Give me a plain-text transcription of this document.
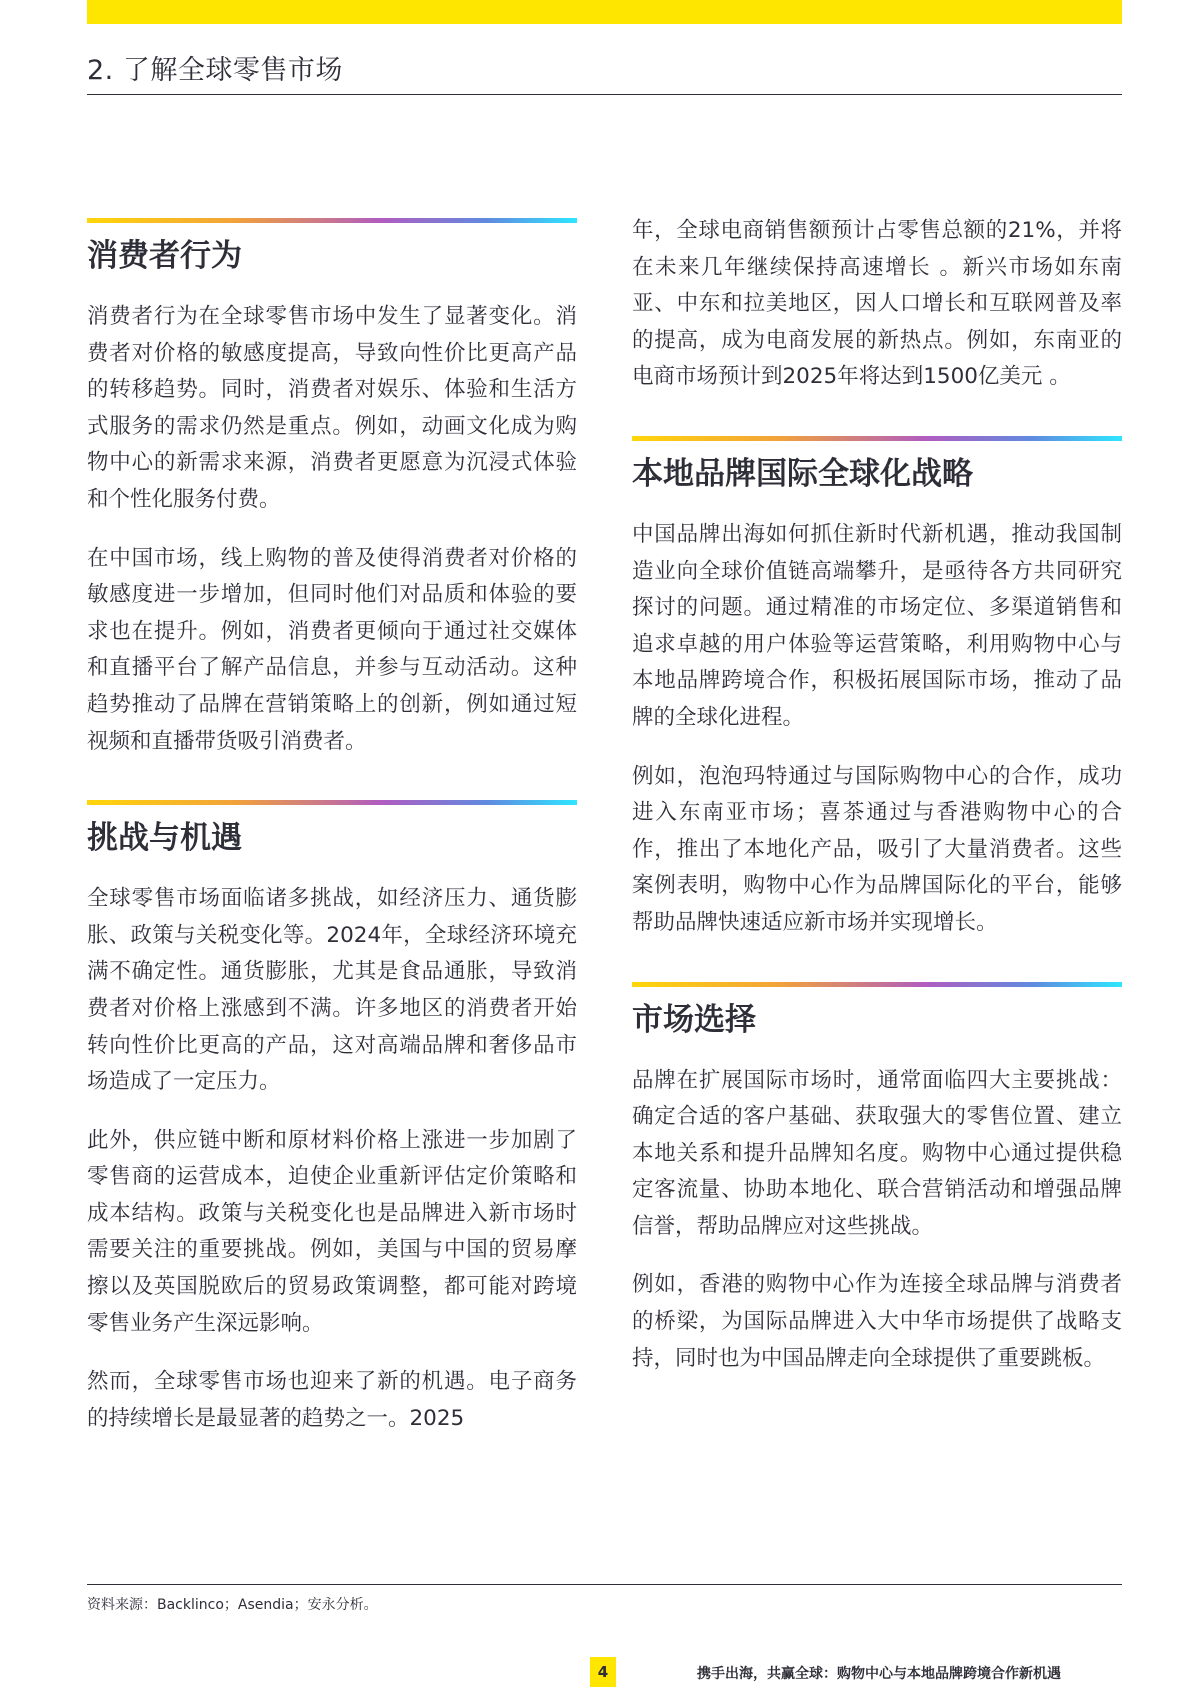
2. 了解全球零售市场
消费者行为

消费者行为在全球零售市场中发生了显著变化。消费者对价格的敏感度提高，导致向性价比更高产品的转移趋势。同时，消费者对娱乐、体验和生活方式服务的需求仍然是重点。例如，动画文化成为购物中心的新需求来源，消费者更愿意为沉浸式体验和个性化服务付费。

在中国市场，线上购物的普及使得消费者对价格的敏感度进一步增加，但同时他们对品质和体验的要求也在提升。例如，消费者更倾向于通过社交媒体和直播平台了解产品信息，并参与互动活动。这种趋势推动了品牌在营销策略上的创新，例如通过短视频和直播带货吸引消费者。

挑战与机遇

全球零售市场面临诸多挑战，如经济压力、通货膨胀、政策与关税变化等。2024年，全球经济环境充满不确定性。通货膨胀，尤其是食品通胀，导致消费者对价格上涨感到不满。许多地区的消费者开始转向性价比更高的产品，这对高端品牌和奢侈品市场造成了一定压力。

此外，供应链中断和原材料价格上涨进一步加剧了零售商的运营成本，迫使企业重新评估定价策略和成本结构。政策与关税变化也是品牌进入新市场时需要关注的重要挑战。例如，美国与中国的贸易摩擦以及英国脱欧后的贸易政策调整，都可能对跨境零售业务产生深远影响。

然而，全球零售市场也迎来了新的机遇。电子商务的持续增长是最显著的趋势之一。2025

年，全球电商销售额预计占零售总额的21%，并将在未来几年继续保持高速增长 。新兴市场如东南亚、中东和拉美地区，因人口增长和互联网普及率的提高，成为电商发展的新热点。例如，东南亚的电商市场预计到2025年将达到1500亿美元 。

本地品牌国际全球化战略

中国品牌出海如何抓住新时代新机遇，推动我国制造业向全球价值链高端攀升，是亟待各方共同研究探讨的问题。通过精准的市场定位、多渠道销售和追求卓越的用户体验等运营策略，利用购物中心与本地品牌跨境合作，积极拓展国际市场，推动了品牌的全球化进程。

例如，泡泡玛特通过与国际购物中心的合作，成功进入东南亚市场；喜茶通过与香港购物中心的合作，推出了本地化产品，吸引了大量消费者。这些案例表明，购物中心作为品牌国际化的平台，能够帮助品牌快速适应新市场并实现增长。

市场选择

品牌在扩展国际市场时，通常面临四大主要挑战：确定合适的客户基础、获取强大的零售位置、建立本地关系和提升品牌知名度。购物中心通过提供稳定客流量、协助本地化、联合营销活动和增强品牌信誉，帮助品牌应对这些挑战。

例如，香港的购物中心作为连接全球品牌与消费者的桥梁，为国际品牌进入大中华市场提供了战略支持，同时也为中国品牌走向全球提供了重要跳板。

资料来源：Backlinco；Asendia；安永分析。
4	携手出海，共赢全球：购物中心与本地品牌跨境合作新机遇
